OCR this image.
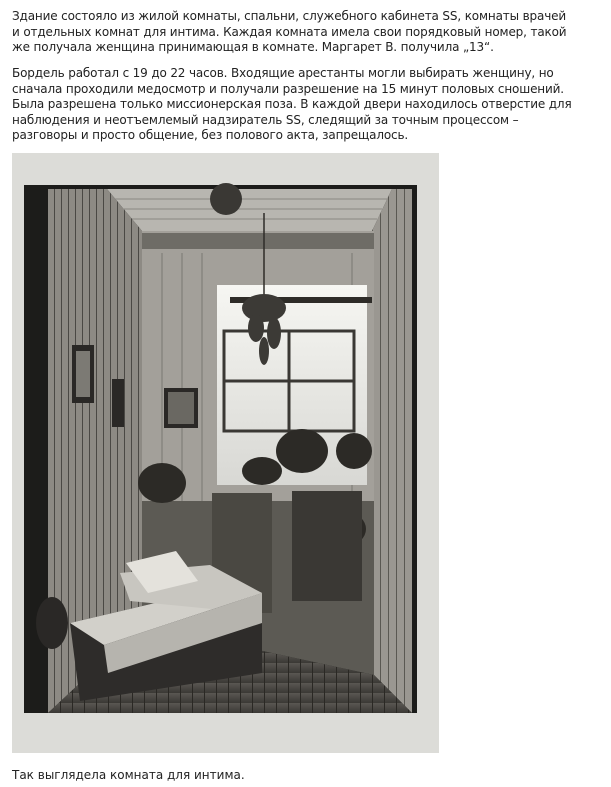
Здание состояло из жилой комнаты, спальни, служебного кабинета SS, комнаты врачей
и отдельных комнат для интима. Каждая комната имела свои порядковый номер, такой
же получала женщина принимающая в комнате. Маргарет В. получила „13“.

Бордель работал с 19 до 22 часов. Входящие арестанты могли выбирать женщину, но
сначала проходили медосмотр и получали разрешение на 15 минут половых сношений.
Была разрешена только миссионерская поза. В каждой двери находилось отверстие для
наблюдения и неотъемлемый надзиратель SS, следящий за точным процессом –
разговоры и просто общение, без полового акта, запрещалось.

Так выглядела комната для интима.
